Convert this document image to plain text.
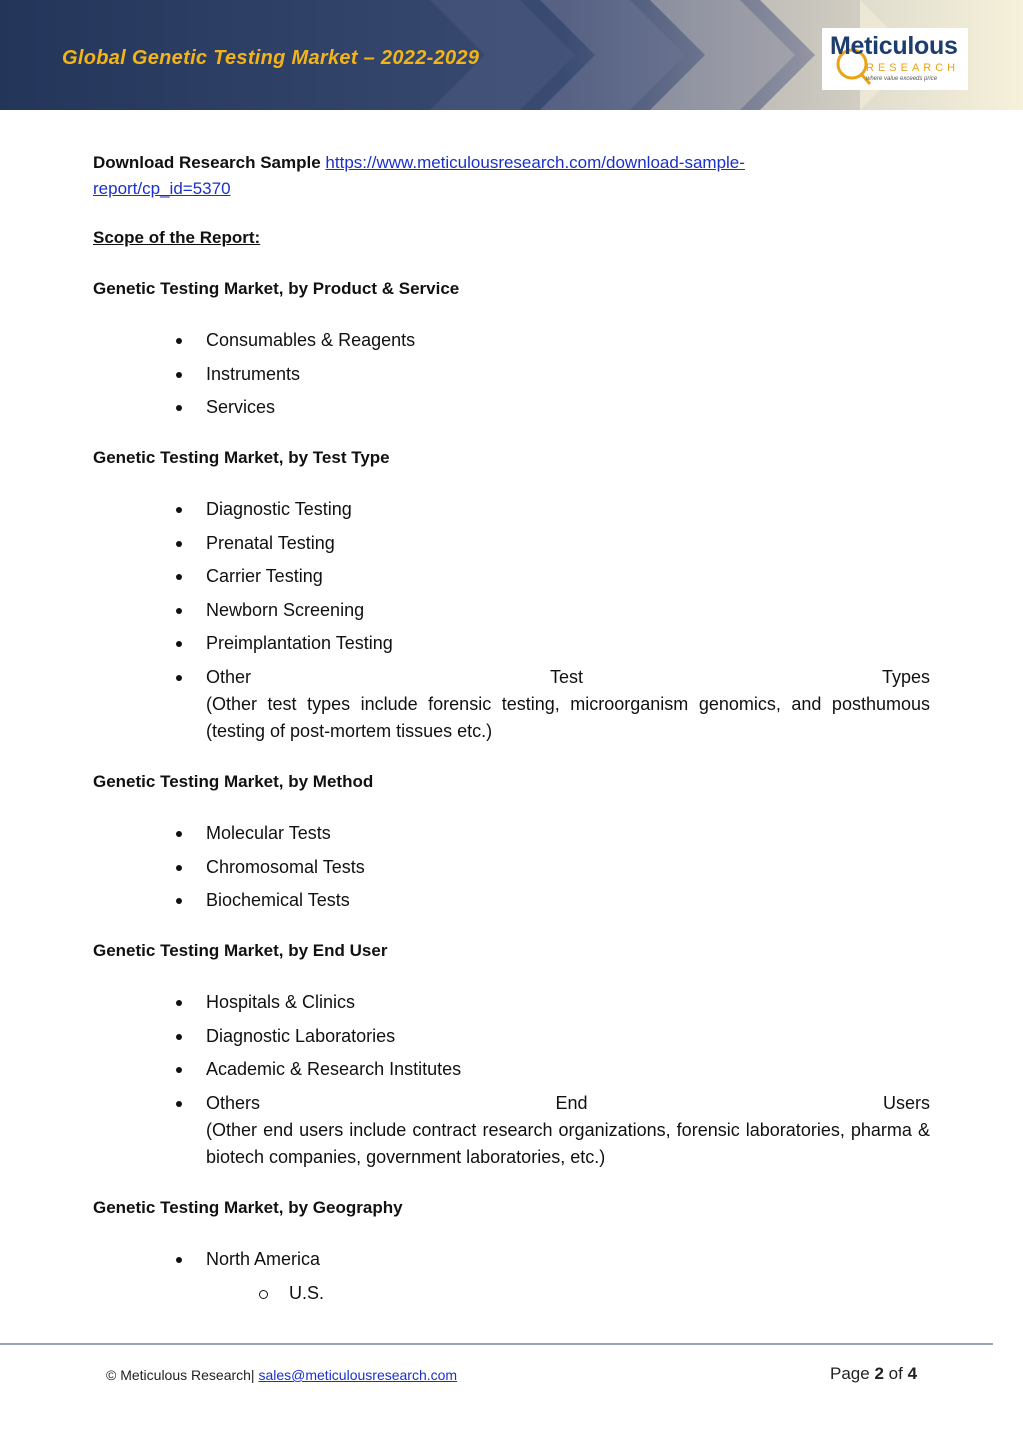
Global Genetic Testing Market – 2022-2029	Meticulous
RESEARCH
where value exceeds price
Download Research Sample https://www.meticulousresearch.com/download-sample-
report/cp_id=5370
Scope of the Report:
Genetic Testing Market, by Product & Service
Consumables & Reagents
Instruments
Services
Genetic Testing Market, by Test Type
Diagnostic Testing
Prenatal Testing
Carrier Testing
Newborn Screening
Preimplantation Testing
Other	Test	Types
(Other test types include forensic testing, microorganism genomics, and posthumous (testing of post-mortem tissues etc.)
Genetic Testing Market, by Method
Molecular Tests
Chromosomal Tests
Biochemical Tests
Genetic Testing Market, by End User
Hospitals & Clinics
Diagnostic Laboratories
Academic & Research Institutes
Others	End	Users
(Other end users include contract research organizations, forensic laboratories, pharma & biotech companies, government laboratories, etc.)
Genetic Testing Market, by Geography
North America
U.S.
© Meticulous Research| sales@meticulousresearch.com	Page 2 of 4
